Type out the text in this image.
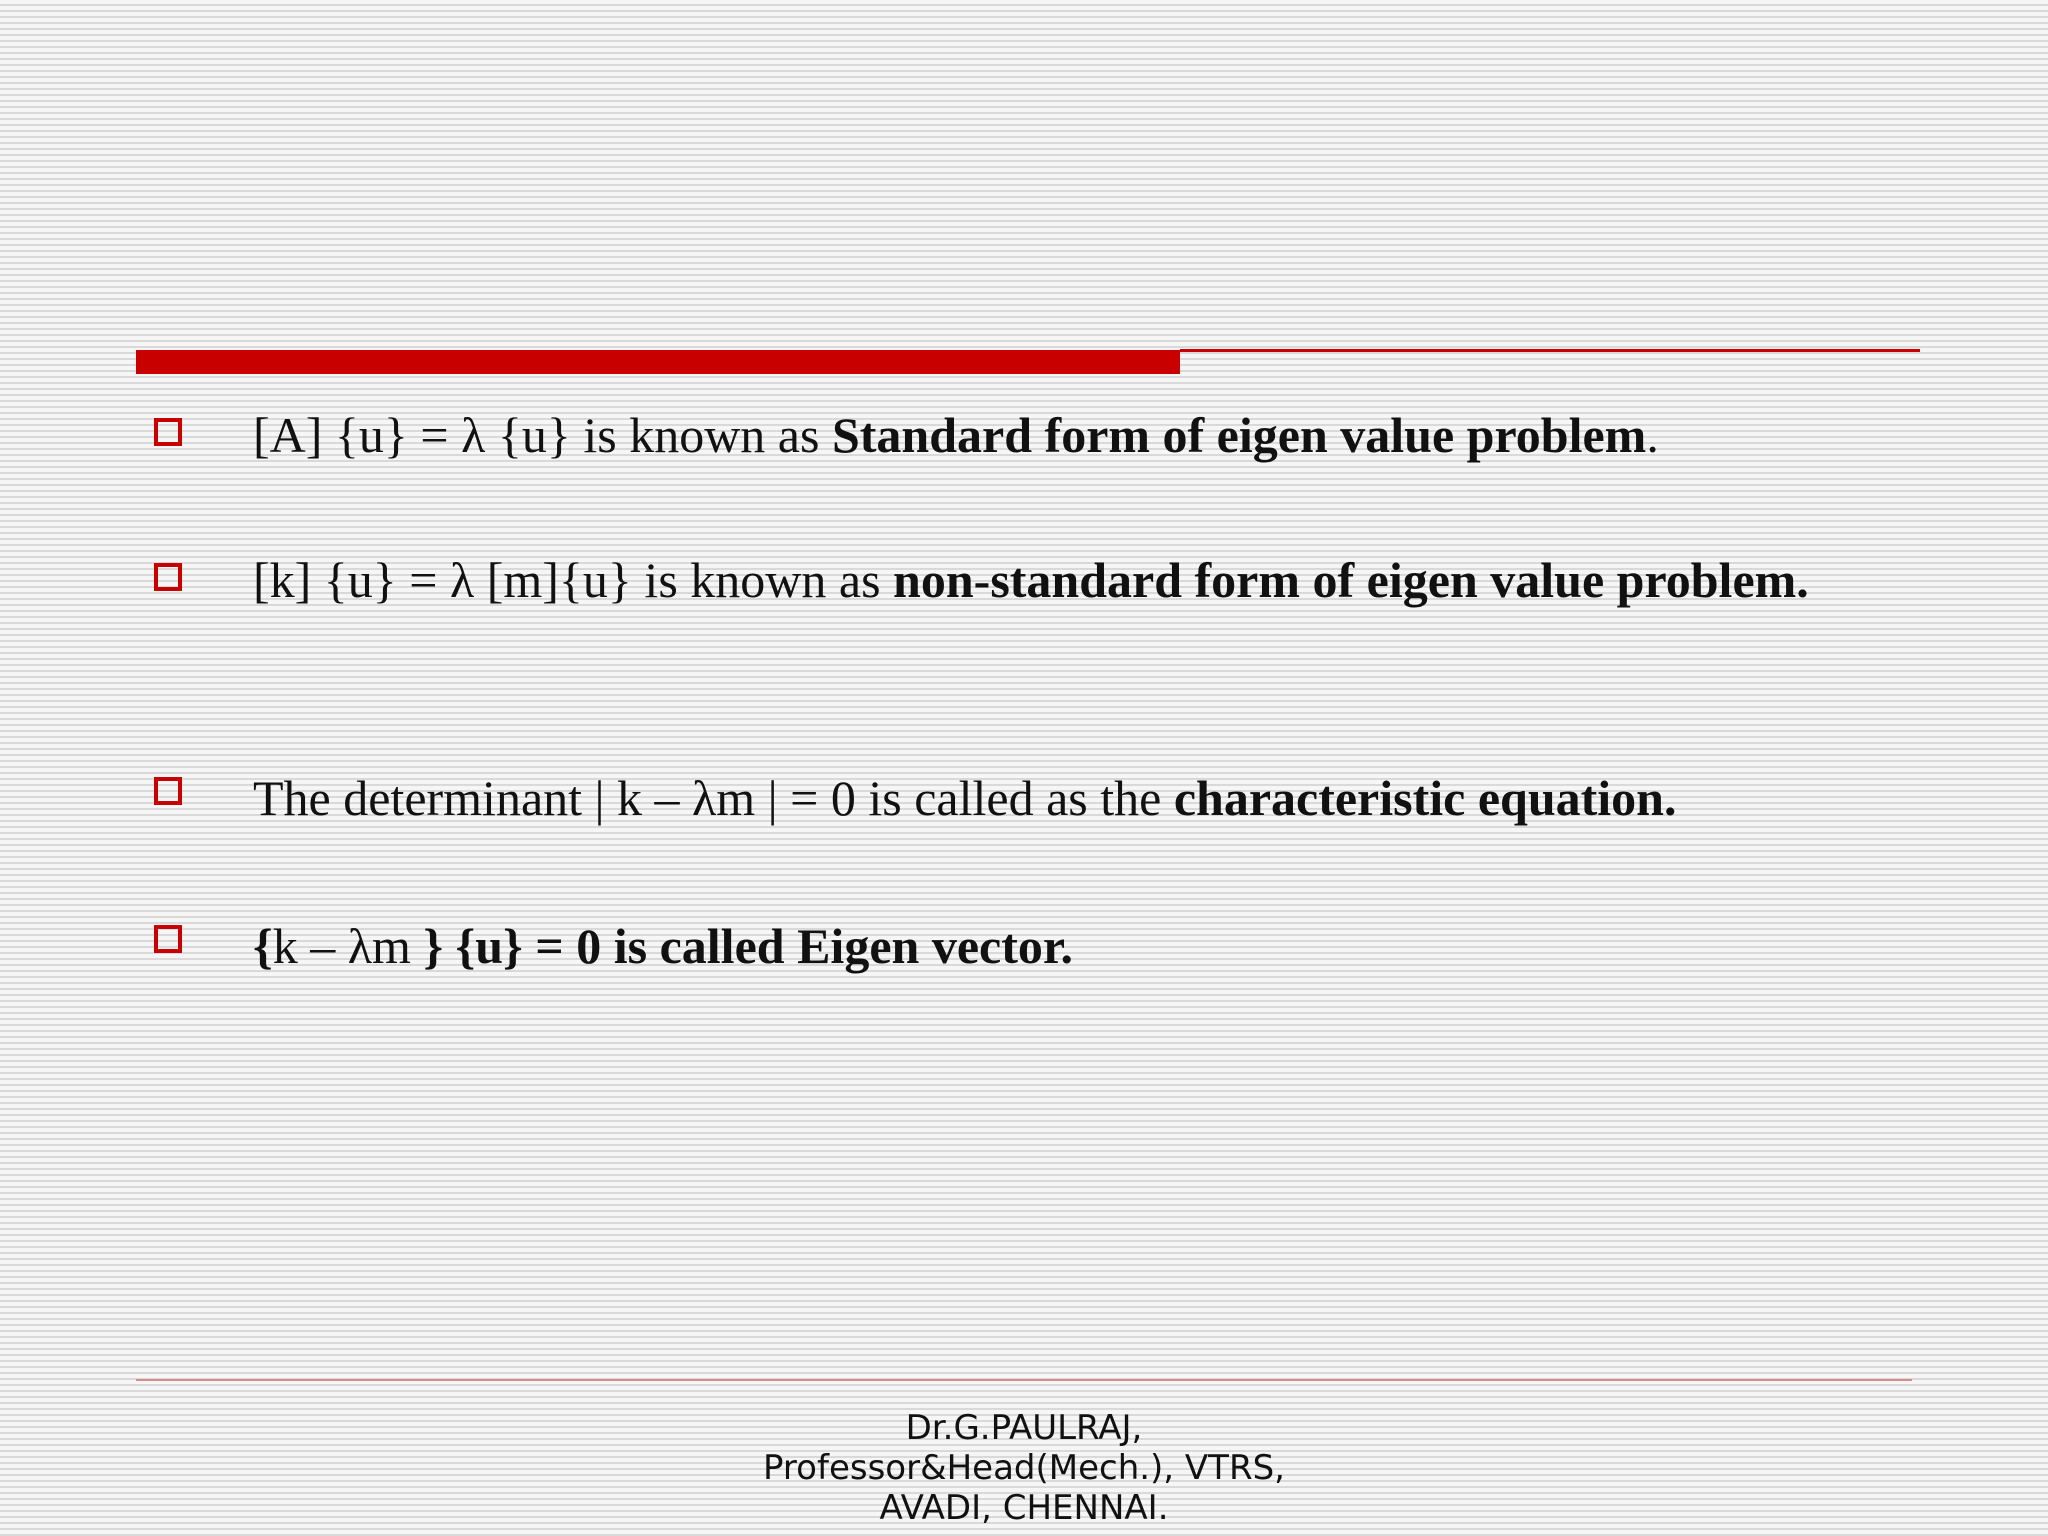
[A] {u} = λ {u} is known as Standard form of eigen value problem.

[k] {u} = λ [m]{u} is known as non-standard form of eigen value problem.

The determinant | k – λm | = 0 is called as the characteristic equation.

{k – λm } {u} = 0 is called Eigen vector.

Dr.G.PAULRAJ,
Professor&Head(Mech.), VTRS,
AVADI, CHENNAI.
